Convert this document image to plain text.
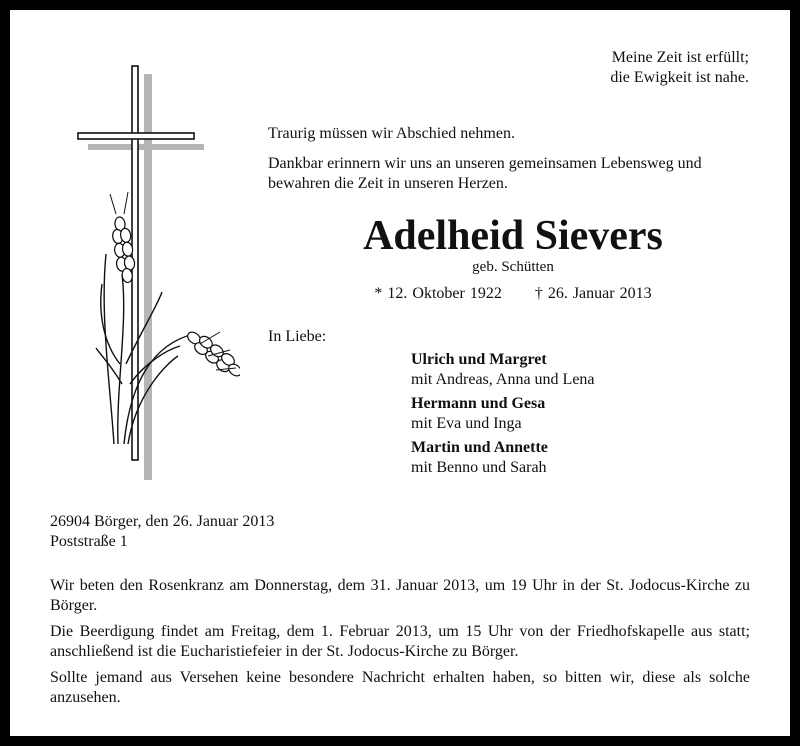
Meine Zeit ist erfüllt;
die Ewigkeit ist nahe.

Traurig müssen wir Abschied nehmen.

Dankbar erinnern wir uns an unseren gemeinsamen Lebensweg und bewahren die Zeit in unseren Herzen.

Adelheid Sievers
geb. Schütten
* 12. Oktober 1922 † 26. Januar 2013
In Liebe:
Ulrich und Margret
mit Andreas, Anna und Lena
Hermann und Gesa
mit Eva und Inga
Martin und Annette
mit Benno und Sarah
26904 Börger, den 26. Januar 2013
Poststraße 1

Wir beten den Rosenkranz am Donnerstag, dem 31. Januar 2013, um 19 Uhr in der St. Jodocus-Kirche zu Börger.

Die Beerdigung findet am Freitag, dem 1. Februar 2013, um 15 Uhr von der Friedhofskapelle aus statt; anschließend ist die Eucharistiefeier in der St. Jodocus-Kirche zu Börger.

Sollte jemand aus Versehen keine besondere Nachricht erhalten haben, so bitten wir, diese als solche anzusehen.
